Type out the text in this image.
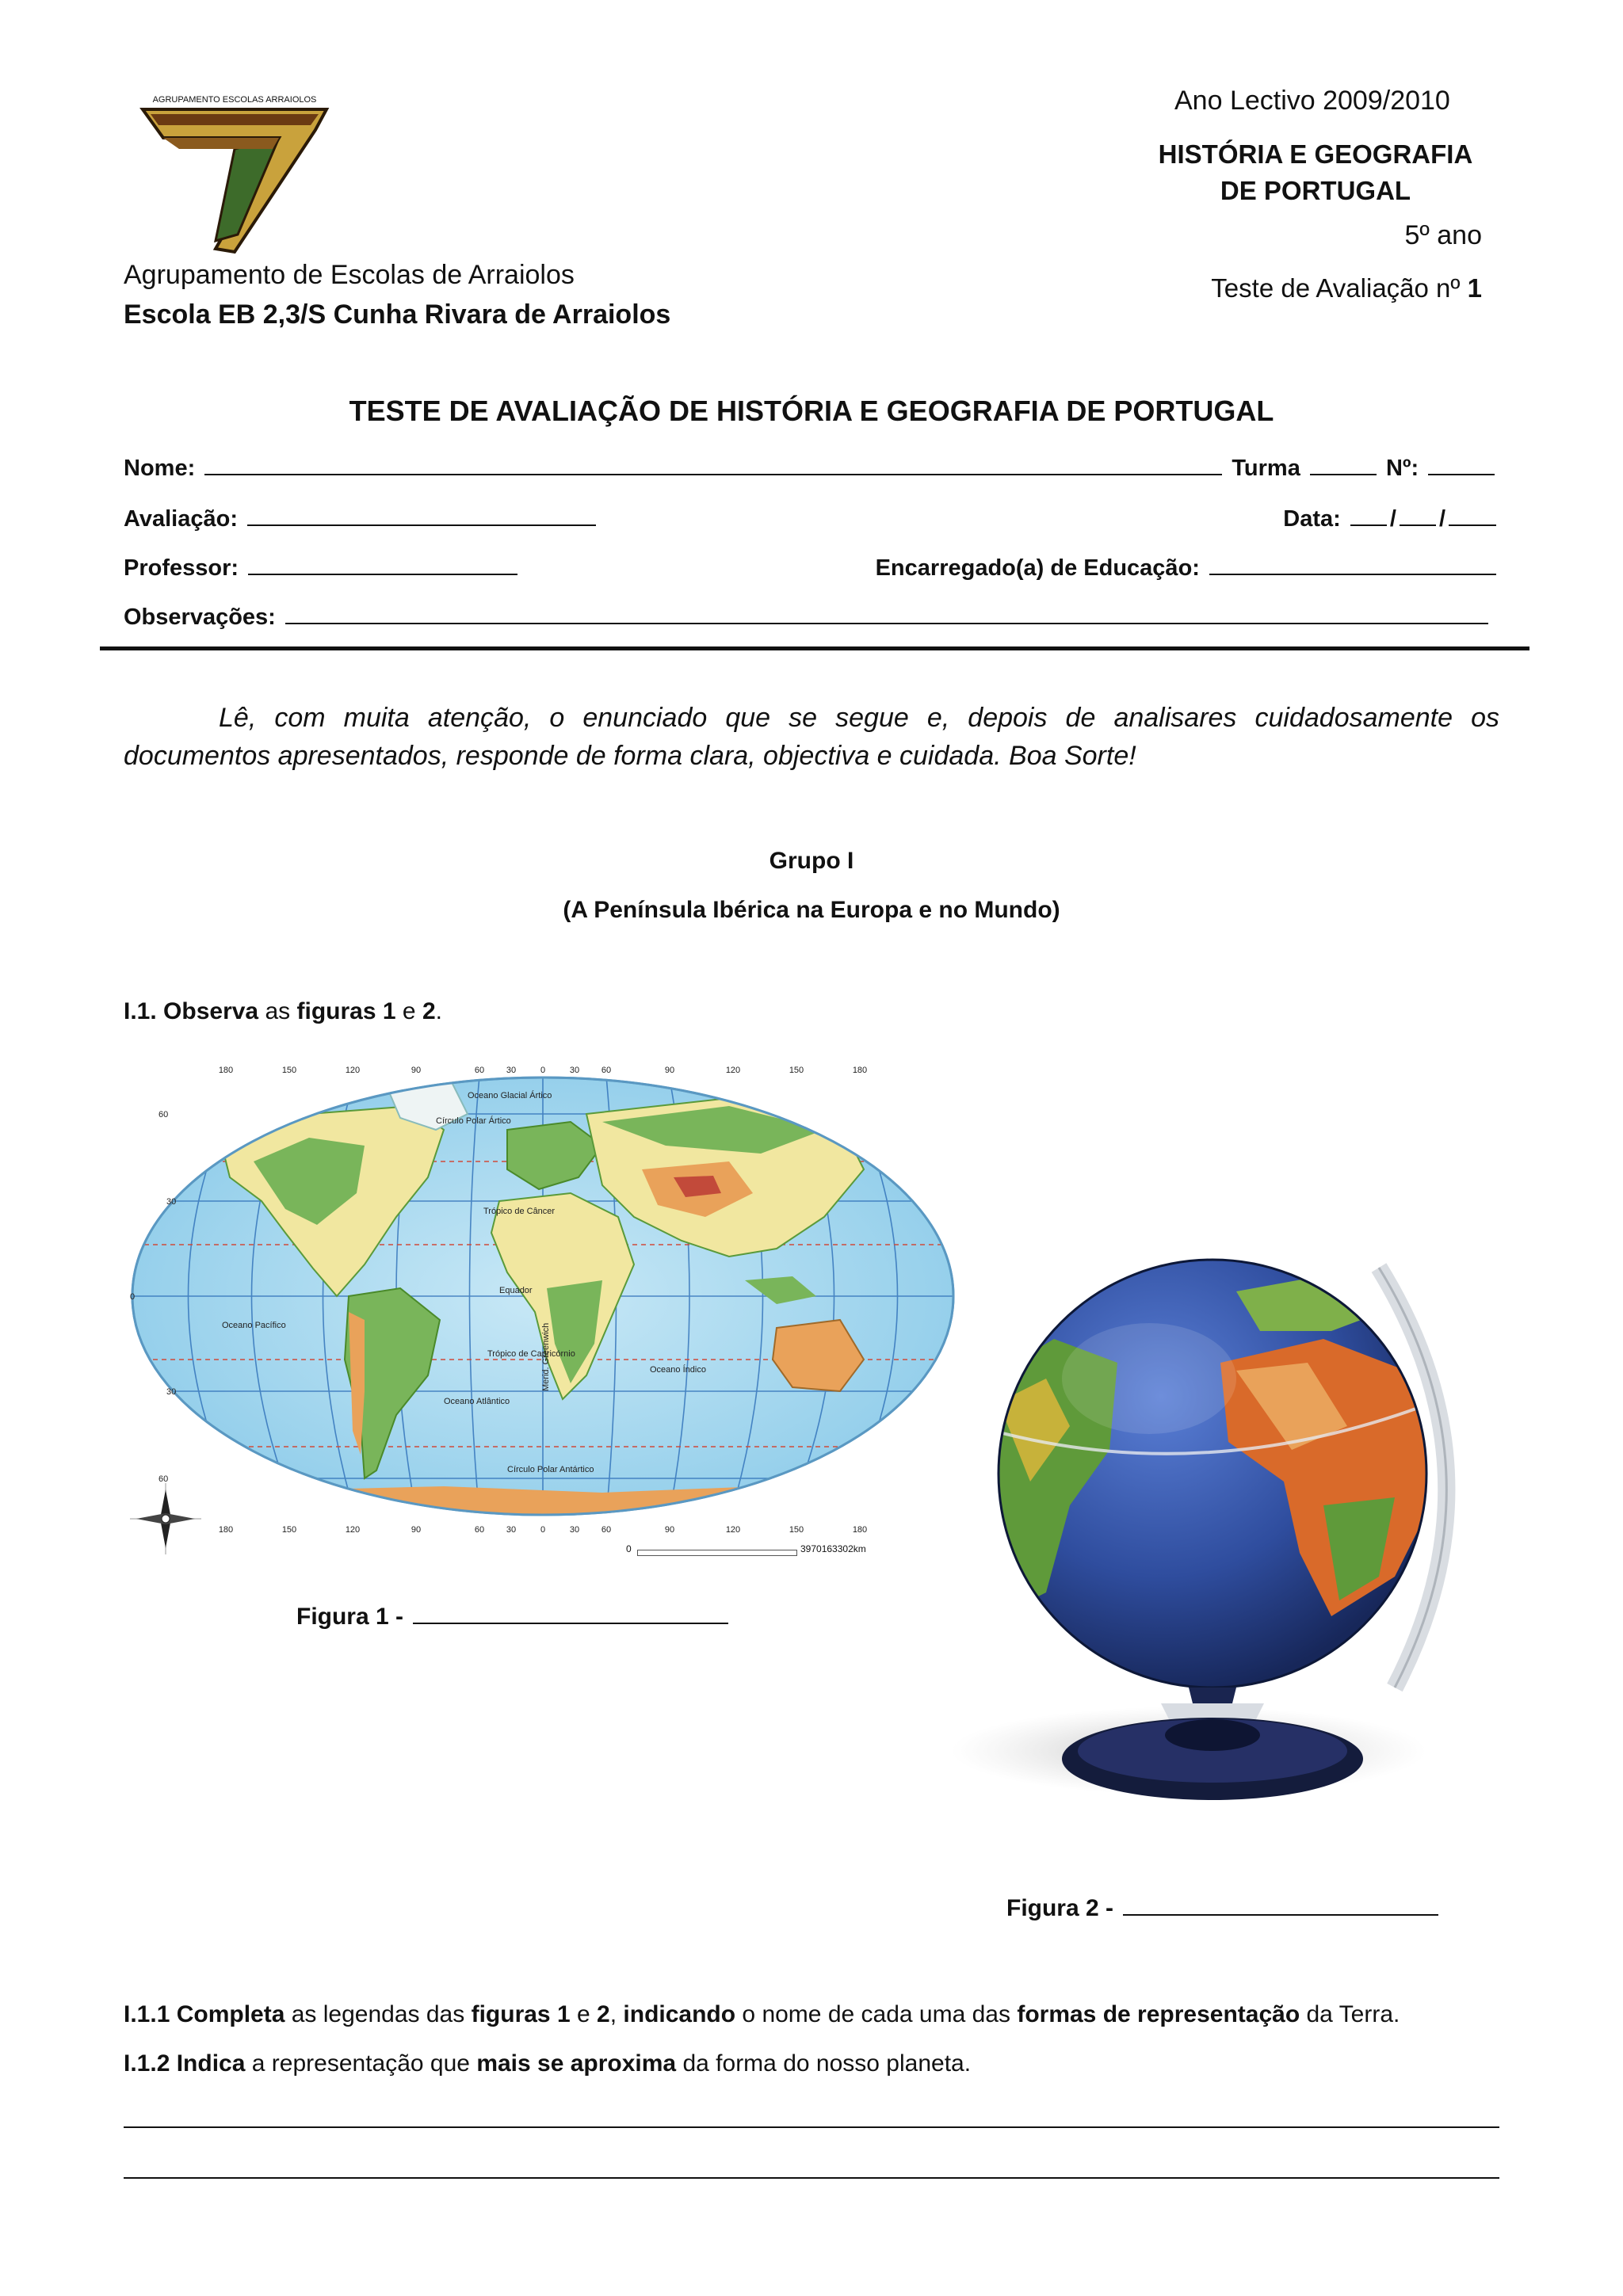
AGRUPAMENTO ESCOLAS ARRAIOLOS
Agrupamento de Escolas de Arraiolos
Escola EB 2,3/S Cunha Rivara de Arraiolos
Ano Lectivo 2009/2010
HISTÓRIA E GEOGRAFIA
DE PORTUGAL
5º ano
Teste de Avaliação nº 1
TESTE DE AVALIAÇÃO DE HISTÓRIA E GEOGRAFIA DE PORTUGAL
Nome:	Turma	Nº:
Avaliação:	Data: / /
Professor:	Encarregado(a) de Educação:
Observações:
Lê, com muita atenção, o enunciado que se segue e, depois de analisares cuidadosamente os documentos apresentados, responde de forma clara, objectiva e cuidada. Boa Sorte!
Grupo I
(A Península Ibérica na Europa e no Mundo)
I.1. Observa as figuras 1 e 2.
Oceano Glacial Ártico
Círculo Polar Ártico
Trópico de Câncer
Equador
Oceano Pacífico
Trópico de Capricórnio
Oceano Índico
Oceano Atlântico
Círculo Polar Antártico
Merid. Greenwich
180
180
150
150
120
120
90
90
60
60
30
30
0
0
30
30
60
60
90
90
120
120
150
150
180
180
60
30
0
30
60
0	3970163302km
Figura 1 -
Figura 2 -
I.1.1 Completa as legendas das figuras 1 e 2, indicando o nome de cada uma das formas de representação da Terra.
I.1.2 Indica a representação que mais se aproxima da forma do nosso planeta.
